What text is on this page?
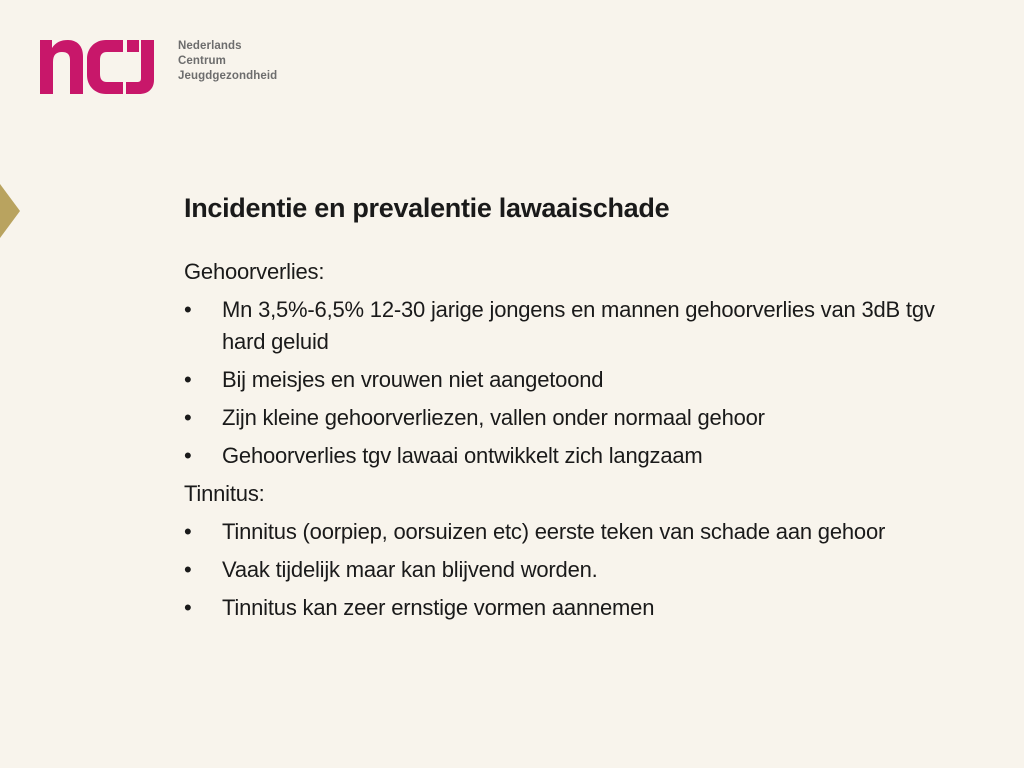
Nederlands
Centrum
Jeugdgezondheid
Incidentie en prevalentie lawaaischade

Gehoorverlies:

• Mn 3,5%-6,5% 12-30 jarige jongens en mannen gehoorverlies van 3dB tgv hard geluid
• Bij meisjes en vrouwen niet aangetoond
• Zijn kleine gehoorverliezen, vallen onder normaal gehoor
• Gehoorverlies tgv lawaai ontwikkelt zich langzaam

Tinnitus:

• Tinnitus (oorpiep, oorsuizen etc) eerste teken van schade aan gehoor
• Vaak tijdelijk maar kan blijvend worden.
• Tinnitus kan zeer ernstige vormen aannemen
